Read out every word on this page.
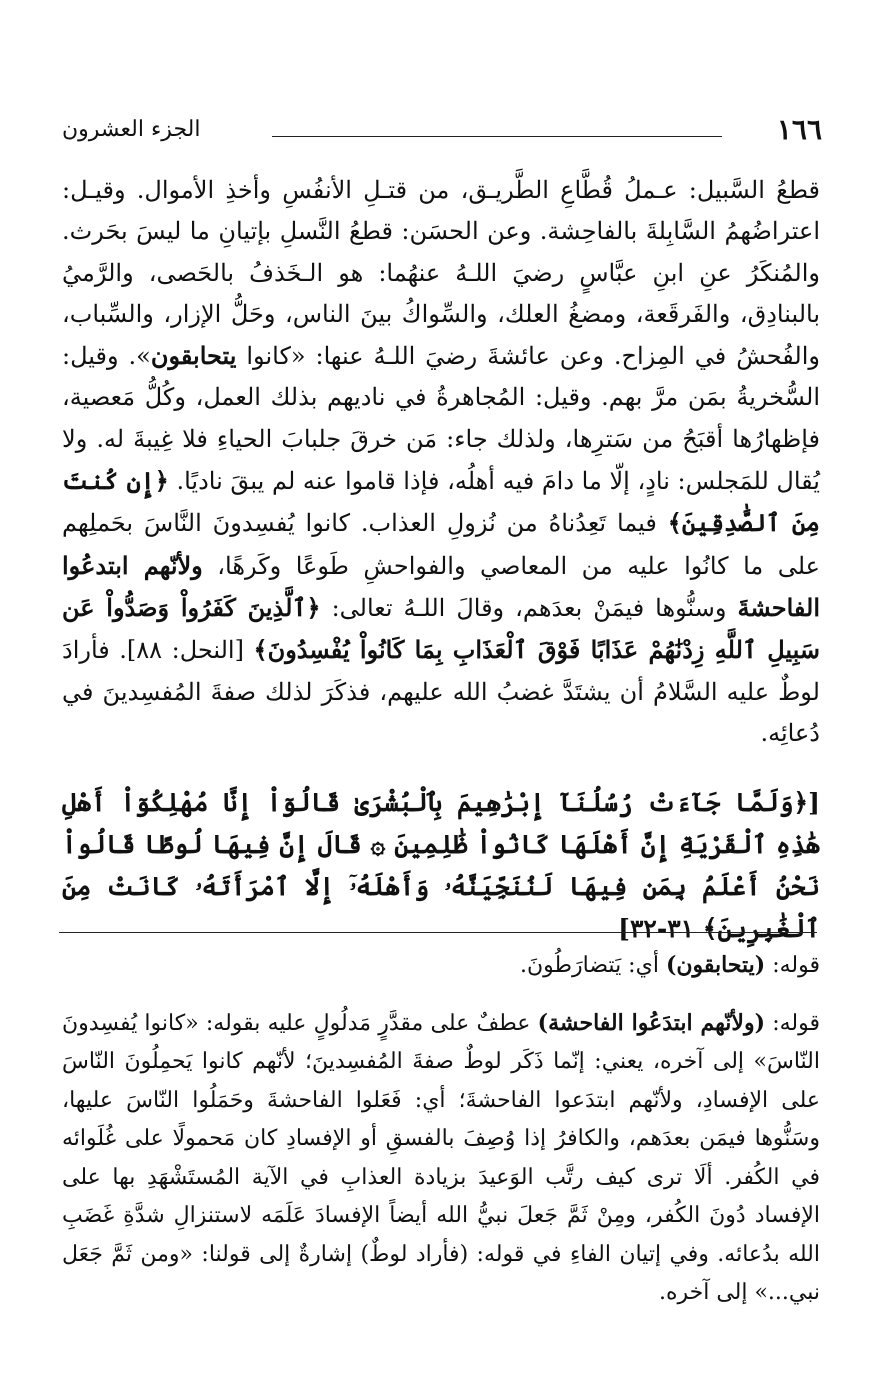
١٦٦
الجزء العشرون

قطعُ السَّبيل: عـملُ قُطَّاعِ الطَّريـق، من قتـلِ الأنفُسِ وأخذِ الأموال. وقيـل: اعتراضُهمُ السَّابِلةَ بالفاحِشة. وعن الحسَن: قطعُ النَّسلِ بإتيانِ ما ليسَ بحَرث. والمُنكَرُ عنِ ابنِ عبَّاسٍ رضيَ اللـهُ عنهُما: هو الـخَذفُ بالحَصى، والرَّميُ بالبنادِق، والفَرقَعة، ومضغُ العلك، والسِّواكُ بينَ الناس، وحَلُّ الإزار، والسِّباب، والفُحشُ في المِزاح. وعن عائشةَ رضيَ اللـهُ عنها: «كانوا يتحابقون». وقيل: السُّخريةُ بمَن مرَّ بهم. وقيل: المُجاهرةُ في ناديهم بذلك العمل، وكُلُّ مَعصية، فإظهارُها أقبَحُ من سَترِها، ولذلك جاء: مَن خرقَ جلبابَ الحياءِ فلا غِيبةَ له. ولا يُقال للمَجلس: نادٍ، إلّا ما دامَ فيه أهلُه، فإذا قاموا عنه لم يبقَ ناديًا. ﴿إِن كُنتَ مِنَ ٱلصَّٰدِقِينَ﴾ فيما تَعِدُناهُ من نُزولِ العذاب. كانوا يُفسِدونَ النَّاسَ بحَملِهم على ما كانُوا عليه من المعاصي والفواحشِ طَوعًا وكَرهًا، ولأنّهم ابتدعُوا الفاحشةَ وسنُّوها فيمَنْ بعدَهم، وقالَ اللـهُ تعالى: ﴿ٱلَّذِينَ كَفَرُواْ وَصَدُّواْ عَن سَبِيلِ ٱللَّهِ زِدْنَٰهُمْ عَذَابًا فَوْقَ ٱلْعَذَابِ بِمَا كَانُواْ يُفْسِدُونَ﴾ [النحل: ٨٨]. فأرادَ لوطٌ عليه السَّلامُ أن يشتَدَّ غضبُ الله عليهم، فذكَرَ لذلك صفةَ المُفسِدينَ في دُعائِه.

[﴿وَلَمَّا جَآءَتْ رُسُلُنَآ إِبْرَٰهِيمَ بِٱلْبُشْرَىٰ قَالُوٓاْ إِنَّا مُهْلِكُوٓاْ أَهْلِ هَٰذِهِ ٱلْقَرْيَةِ إِنَّ أَهْلَهَا كَانُواْ ظَٰلِمِينَ ۞ قَالَ إِنَّ فِيهَا لُوطًا قَالُواْ نَحْنُ أَعْلَمُ بِمَن فِيهَا لَنُنَجِّيَنَّهُۥ وَأَهْلَهُۥٓ إِلَّا ٱمْرَأَتَهُۥ كَانَتْ مِنَ ٱلْغَٰبِرِينَ﴾ ٣١-٣٢]

قوله: (يتحابقون) أي: يَتضارَطُونَ.

قوله: (ولأنّهم ابتدَعُوا الفاحشة) عطفٌ على مقدَّرٍ مَدلُولٍ عليه بقوله: «كانوا يُفسِدونَ النّاسَ» إلى آخره، يعني: إنّما ذَكَر لوطٌ صفةَ المُفسِدينَ؛ لأنّهم كانوا يَحمِلُونَ النّاسَ على الإفسادِ، ولأنّهم ابتدَعوا الفاحشةَ؛ أي: فَعَلوا الفاحشةَ وحَمَلُوا النّاسَ عليها، وسَنُّوها فيمَن بعدَهم، والكافرُ إذا وُصِفَ بالفسقِ أو الإفسادِ كان مَحمولًا على غُلَوائه في الكُفر. ألَا ترى كيف رتَّب الوَعيدَ بزيادة العذابِ في الآية المُستَشْهَدِ بها على الإفساد دُونَ الكُفر، ومِنْ ثَمَّ جَعلَ نبيُّ الله أيضاً الإفسادَ عَلَمَه لاستنزالِ شدَّةِ غَضَبِ الله بدُعائه. وفي إتيان الفاءِ في قوله: (فأراد لوطٌ) إشارةٌ إلى قولنا: «ومن ثَمَّ جَعَل نبي...» إلى آخره.
